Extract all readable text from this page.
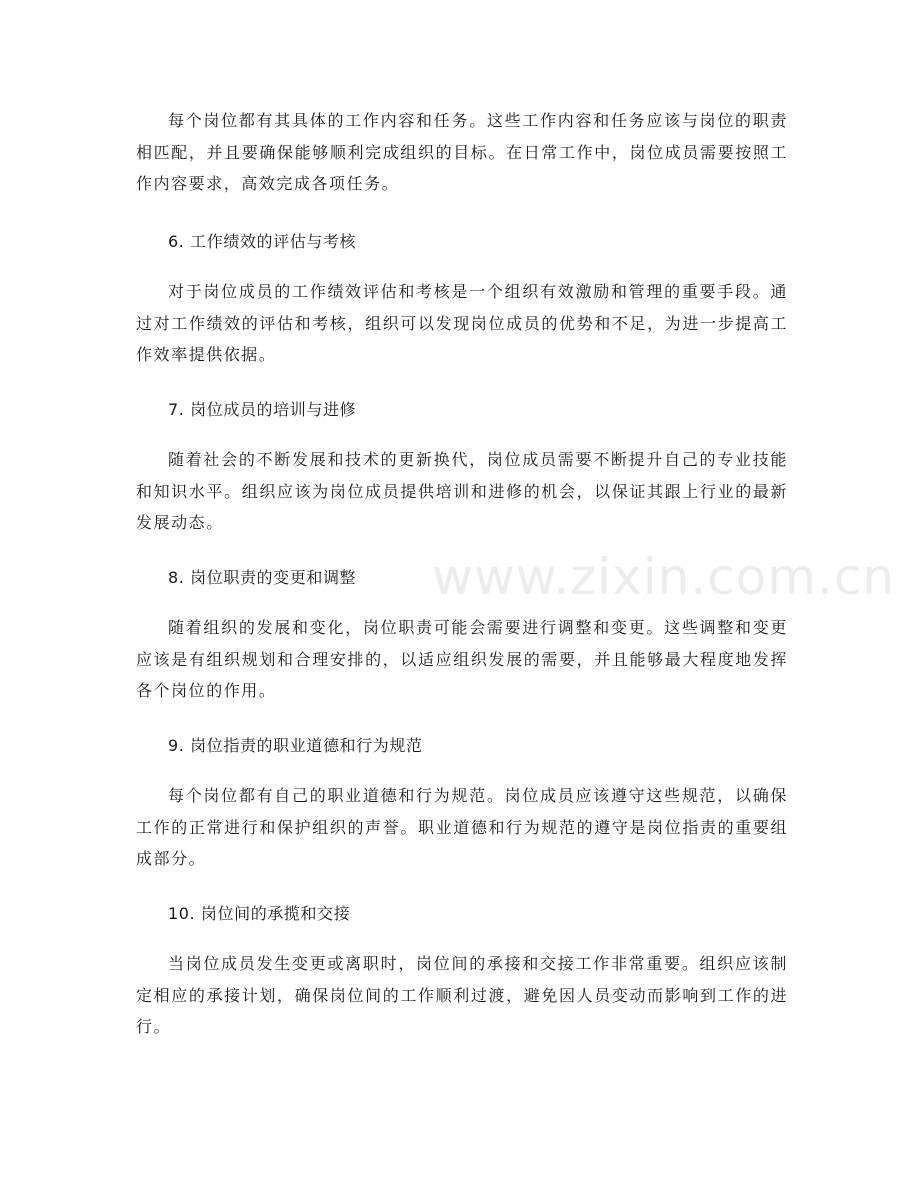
每个岗位都有其具体的工作内容和任务。这些工作内容和任务应该与岗位的职责相匹配，并且要确保能够顺利完成组织的目标。在日常工作中，岗位成员需要按照工作内容要求，高效完成各项任务。

6. 工作绩效的评估与考核

对于岗位成员的工作绩效评估和考核是一个组织有效激励和管理的重要手段。通过对工作绩效的评估和考核，组织可以发现岗位成员的优势和不足，为进一步提高工作效率提供依据。

7. 岗位成员的培训与进修

随着社会的不断发展和技术的更新换代，岗位成员需要不断提升自己的专业技能和知识水平。组织应该为岗位成员提供培训和进修的机会，以保证其跟上行业的最新发展动态。

8. 岗位职责的变更和调整

随着组织的发展和变化，岗位职责可能会需要进行调整和变更。这些调整和变更应该是有组织规划和合理安排的，以适应组织发展的需要，并且能够最大程度地发挥各个岗位的作用。

9. 岗位指责的职业道德和行为规范

每个岗位都有自己的职业道德和行为规范。岗位成员应该遵守这些规范，以确保工作的正常进行和保护组织的声誉。职业道德和行为规范的遵守是岗位指责的重要组成部分。

10. 岗位间的承揽和交接

当岗位成员发生变更或离职时，岗位间的承接和交接工作非常重要。组织应该制定相应的承接计划，确保岗位间的工作顺利过渡，避免因人员变动而影响到工作的进行。

www.zixin.com.cn
